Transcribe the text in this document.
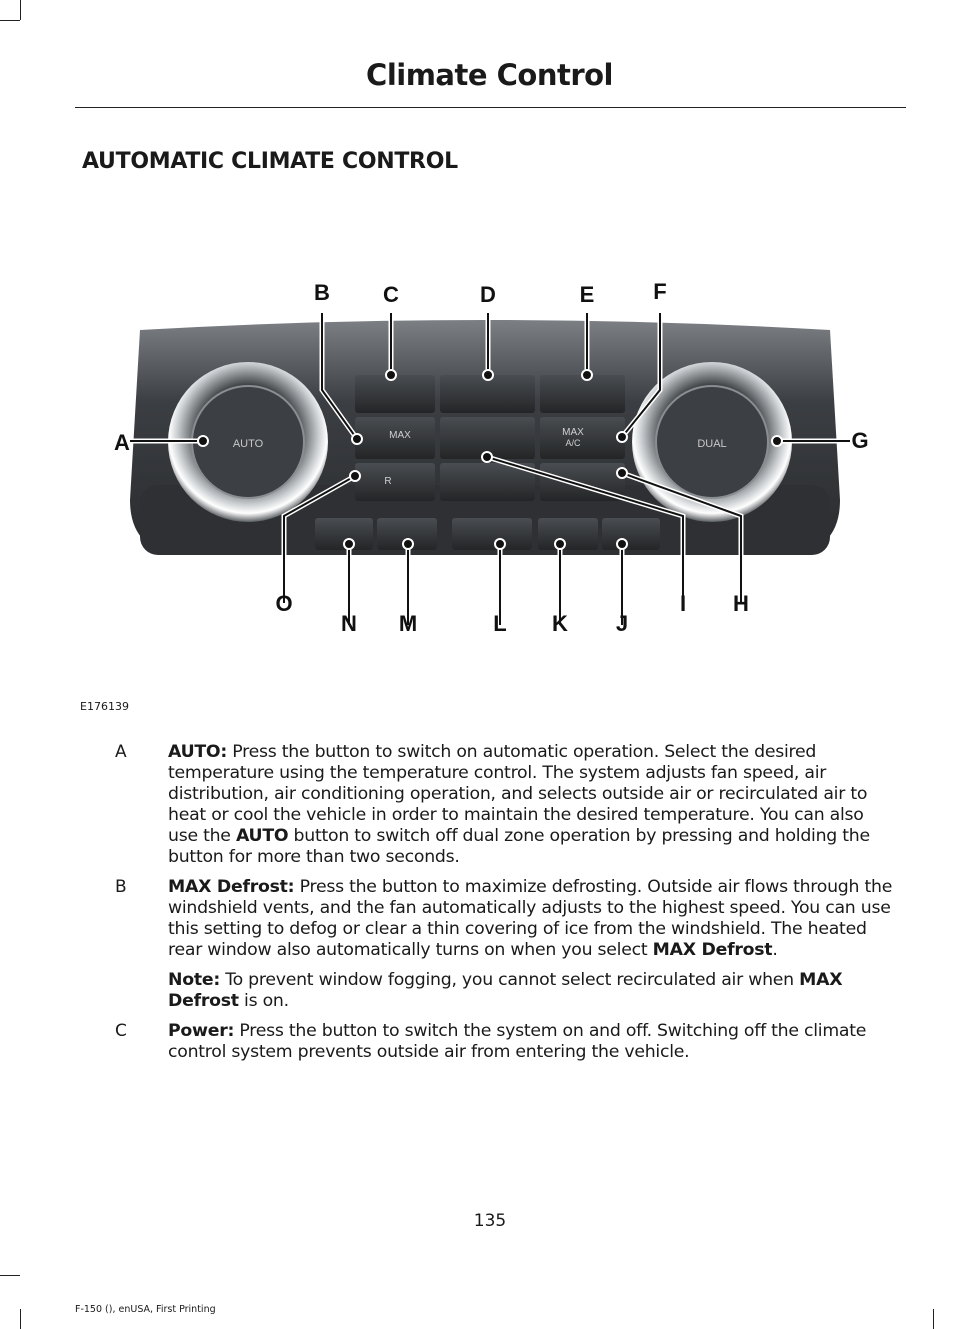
Climate Control
AUTOMATIC CLIMATE CONTROL
AUTO	DUAL
MAX	MAX
A/C
R
A
B C	D	E	F
G
H
I
J
K
L
M
N
O
E176139
A AUTO: Press the button to switch on automatic operation. Select the desired temperature using the temperature control. The system adjusts fan speed, air distribution, air conditioning operation, and selects outside air or recirculated air to heat or cool the vehicle in order to maintain the desired temperature. You can also use the AUTO button to switch off dual zone operation by pressing and holding the button for more than two seconds.
B MAX Defrost: Press the button to maximize defrosting. Outside air flows through the windshield vents, and the fan automatically adjusts to the highest speed. You can use this setting to defog or clear a thin covering of ice from the windshield. The heated rear window also automatically turns on when you select MAX Defrost.
Note: To prevent window fogging, you cannot select recirculated air when MAX Defrost is on.
C Power: Press the button to switch the system on and off. Switching off the climate control system prevents outside air from entering the vehicle.
135
F-150 (), enUSA, First Printing
